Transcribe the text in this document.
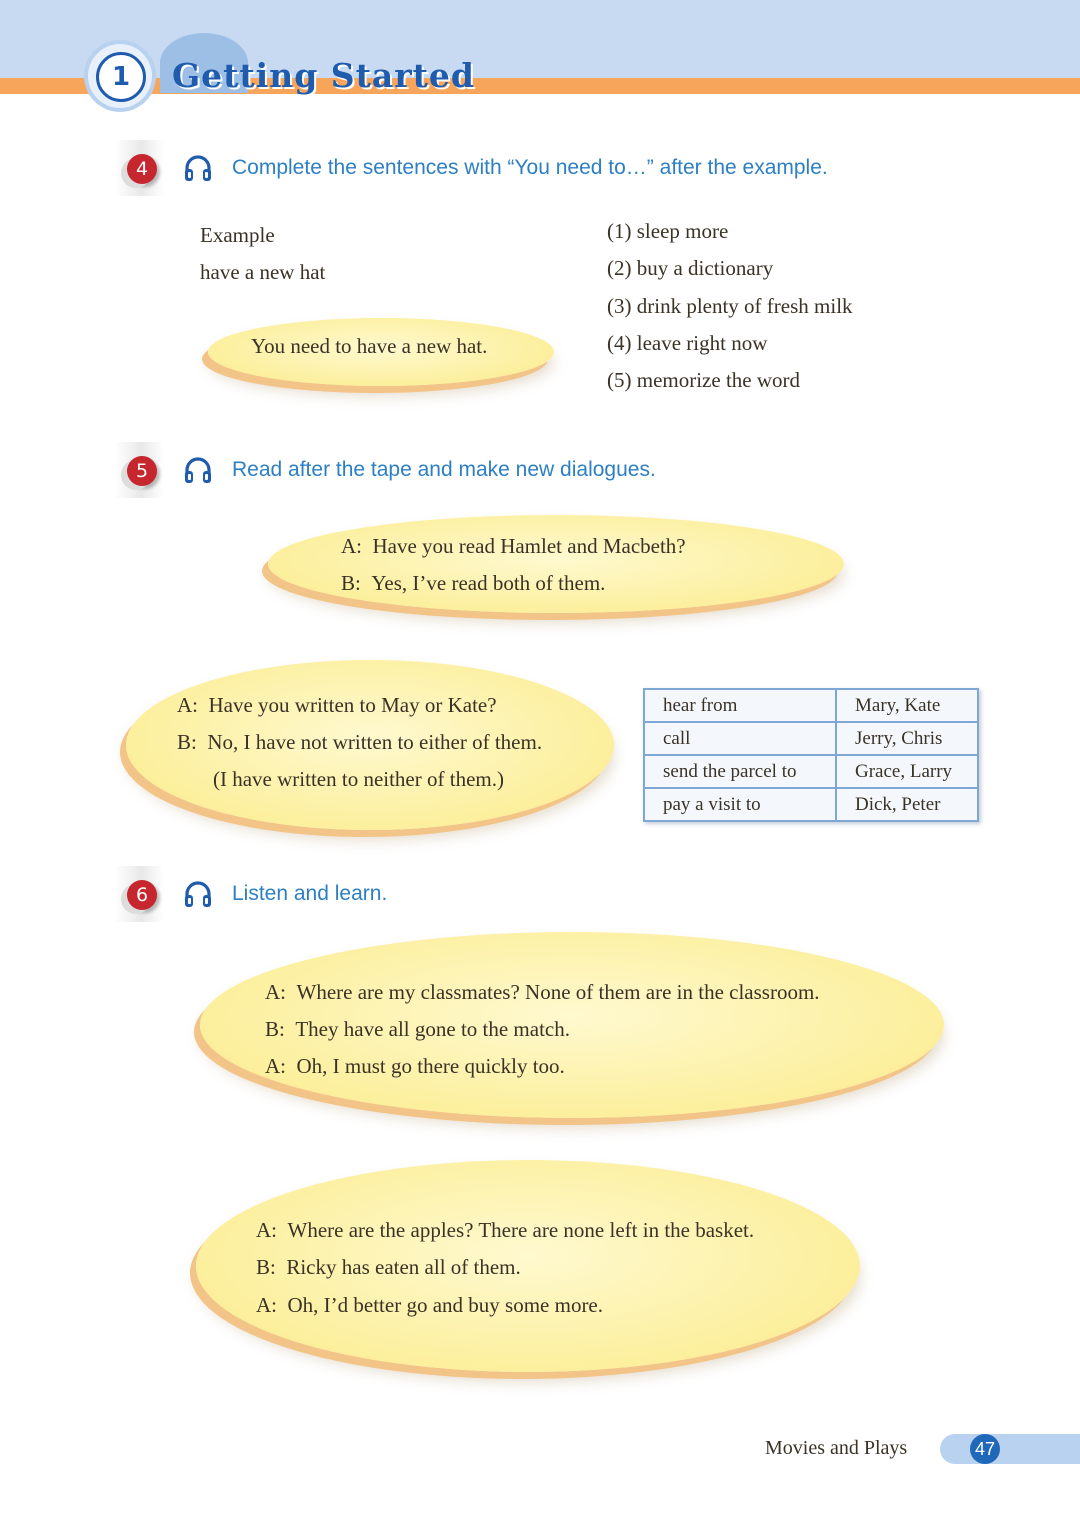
1	Getting Started
4	Complete the sentences with “You need to…” after the example.
Example
have a new hat
You need to have a new hat.
(1) sleep more
(2) buy a dictionary
(3) drink plenty of fresh milk
(4) leave right now
(5) memorize the word
5	Read after the tape and make new dialogues.
A: Have you read Hamlet and Macbeth?
B: Yes, I’ve read both of them.
A: Have you written to May or Kate?
B: No, I have not written to either of them.
(I have written to neither of them.)
hear from	Mary, Kate
call	Jerry, Chris
send the parcel to	Grace, Larry
pay a visit to	Dick, Peter
6	Listen and learn.
A: Where are my classmates? None of them are in the classroom.
B: They have all gone to the match.
A: Oh, I must go there quickly too.
A: Where are the apples? There are none left in the basket.
B: Ricky has eaten all of them.
A: Oh, I’d better go and buy some more.
Movies and Plays	47
